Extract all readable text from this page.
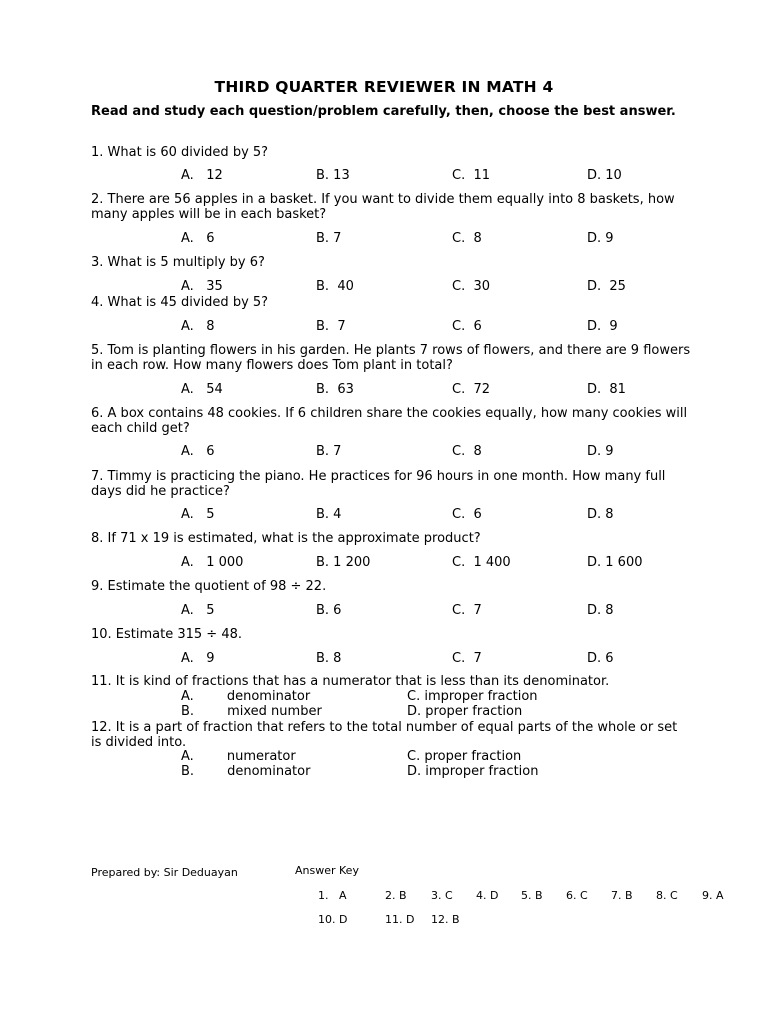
THIRD QUARTER REVIEWER IN MATH 4
Read and study each question/problem carefully, then, choose the best answer.
1. What is 60 divided by 5?
A.   12	B. 13	C.  11	D. 10
2. There are 56 apples in a basket. If you want to divide them equally into 8 baskets, how many apples will be in each basket?
A.   6	B. 7	C.  8	D. 9
3. What is 5 multiply by 6?
A.   35	B.  40	C.  30	D.  25
4. What is 45 divided by 5?
A.   8	B.  7	C.  6	D.  9
5. Tom is planting flowers in his garden. He plants 7 rows of flowers, and there are 9 flowers in each row. How many flowers does Tom plant in total?
A.   54	B.  63	C.  72	D.  81
6. A box contains 48 cookies. If 6 children share the cookies equally, how many cookies will each child get?
A.   6	B. 7	C.  8	D. 9
7. Timmy is practicing the piano. He practices for 96 hours in one month. How many full days did he practice?
A.   5	B. 4	C.  6	D. 8
8. If 71 x 19 is estimated, what is the approximate product?
A.   1 000	B. 1 200	C.  1 400	D. 1 600
9. Estimate the quotient of 98 ÷ 22.
A.   5	B. 6	C.  7	D. 8
10. Estimate 315 ÷ 48.
A.   9	B. 8	C.  7	D. 6
11. It is kind of fractions that has a numerator that is less than its denominator.
A.        denominator	C. improper fraction
B.        mixed number	D. proper fraction
12. It is a part of fraction that refers to the total number of equal parts of the whole or set is divided into.
A.        numerator	C. proper fraction
B.        denominator	D. improper fraction
Prepared by: Sir Deduayan	Answer Key
1.   A	2. B 3. C 4. D 5. B 6. C 7. B 8. C 9. A
10. D	11. D 12. B
